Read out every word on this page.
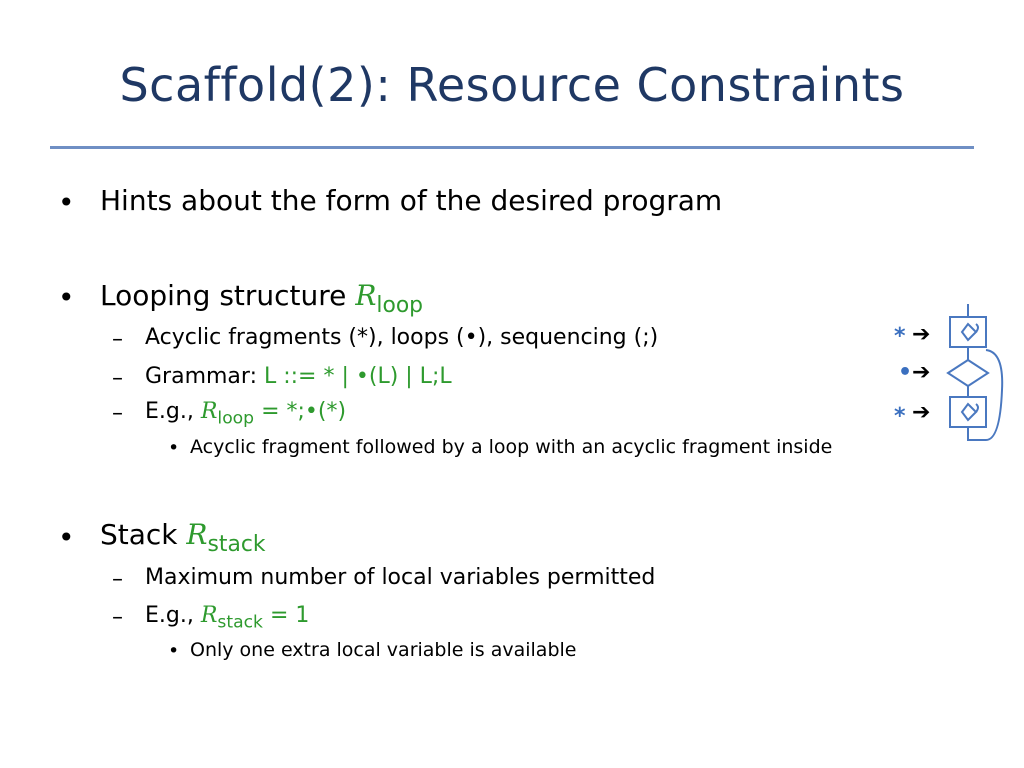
Scaffold(2): Resource Constraints
• Hints about the form of the desired program
• Looping structure $R_{loop}$
– Acyclic fragments (*), loops (•), sequencing (;)
– Grammar: L ::= * | •(L) | L;L
– E.g., $R_{loop}$ = *;•(*)
• Acyclic fragment followed by a loop with an acyclic fragment inside
• Stack $R_{stack}$
– Maximum number of local variables permitted
– E.g., $R_{stack} = 1$
• Only one extra local variable is available
* ➔
• ➔
* ➔
